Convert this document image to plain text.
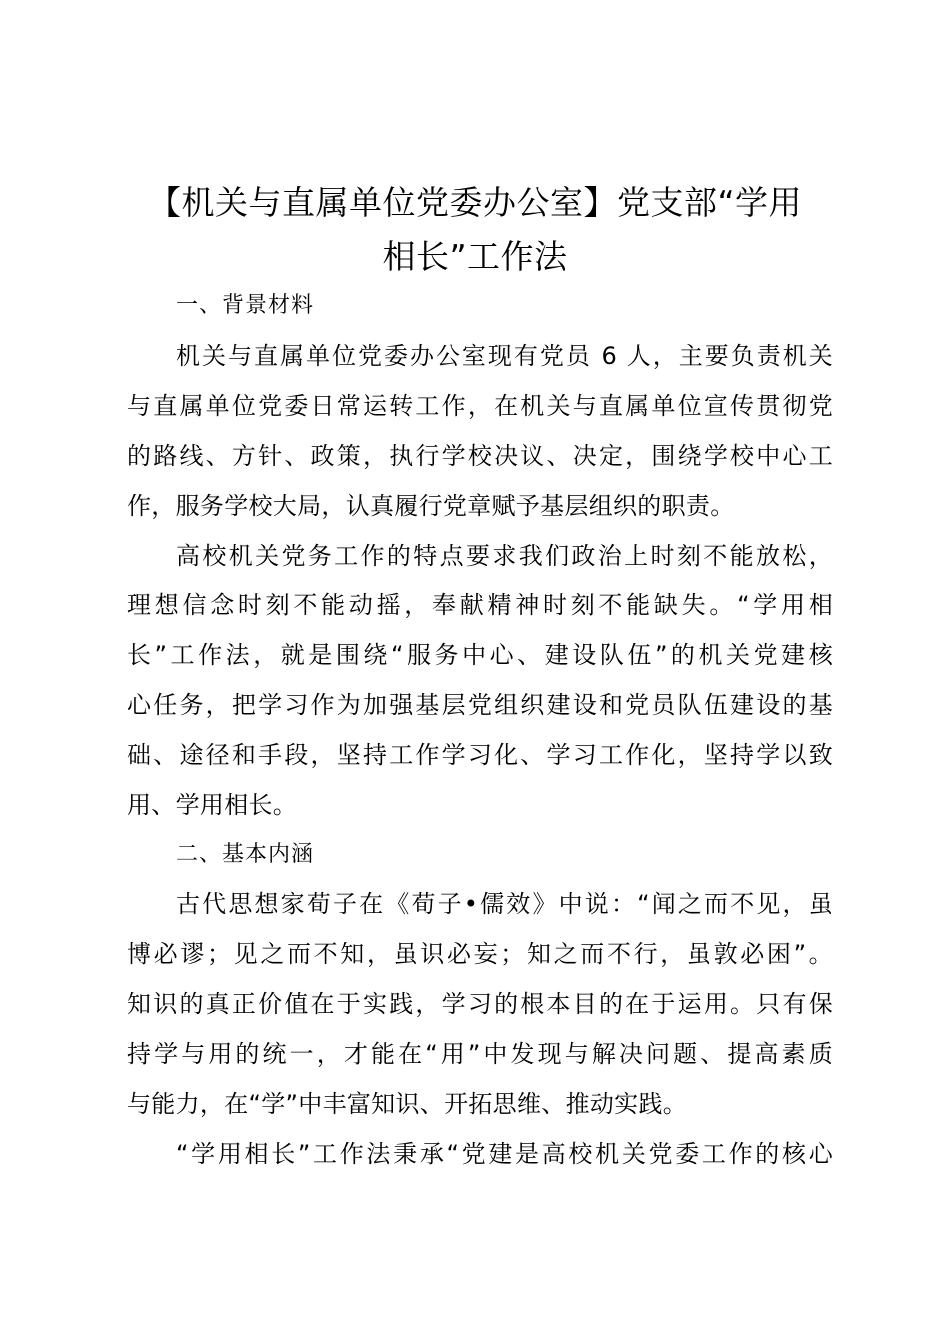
【机关与直属单位党委办公室】党支部“学用
相长”工作法
一、背景材料
机关与直属单位党委办公室现有党员 6 人，主要负责机关
与直属单位党委日常运转工作，在机关与直属单位宣传贯彻党
的路线、方针、政策，执行学校决议、决定，围绕学校中心工
作，服务学校大局，认真履行党章赋予基层组织的职责。
高校机关党务工作的特点要求我们政治上时刻不能放松，
理想信念时刻不能动摇，奉献精神时刻不能缺失。“学用相
长”工作法，就是围绕“服务中心、建设队伍”的机关党建核
心任务，把学习作为加强基层党组织建设和党员队伍建设的基
础、途径和手段，坚持工作学习化、学习工作化，坚持学以致
用、学用相长。
二、基本内涵
古代思想家荀子在《荀子•儒效》中说：“闻之而不见，虽
博必谬；见之而不知，虽识必妄；知之而不行，虽敦必困”。
知识的真正价值在于实践，学习的根本目的在于运用。只有保
持学与用的统一，才能在“用”中发现与解决问题、提高素质
与能力，在“学”中丰富知识、开拓思维、推动实践。
“学用相长”工作法秉承“党建是高校机关党委工作的核心
